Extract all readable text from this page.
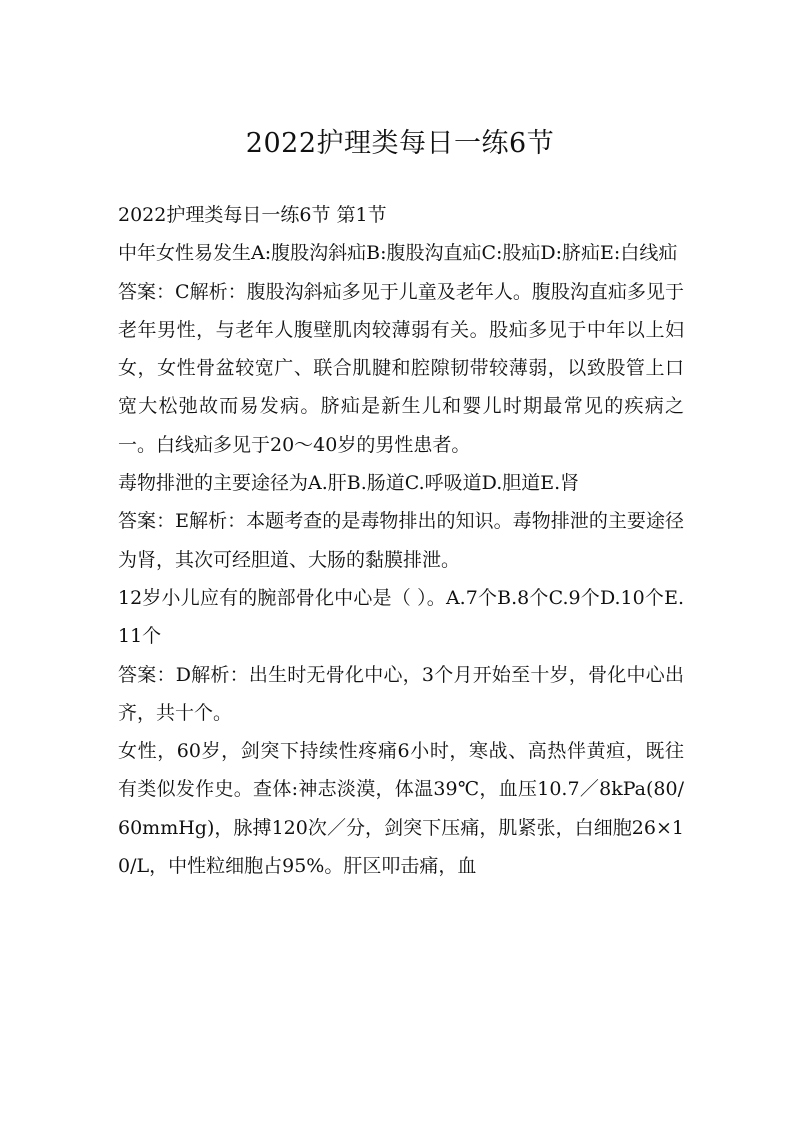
2022护理类每日一练6节

2022护理类每日一练6节 第1节

中年女性易发生A:腹股沟斜疝B:腹股沟直疝C:股疝D:脐疝E:白线疝

答案：C解析：腹股沟斜疝多见于儿童及老年人。腹股沟直疝多见于老年男性，与老年人腹壁肌肉较薄弱有关。股疝多见于中年以上妇女，女性骨盆较宽广、联合肌腱和腔隙韧带较薄弱，以致股管上口宽大松弛故而易发病。脐疝是新生儿和婴儿时期最常见的疾病之一。白线疝多见于20～40岁的男性患者。

毒物排泄的主要途径为A.肝B.肠道C.呼吸道D.胆道E.肾

答案：E解析：本题考查的是毒物排出的知识。毒物排泄的主要途径为肾，其次可经胆道、大肠的黏膜排泄。

12岁小儿应有的腕部骨化中心是（ ）。A.7个B.8个C.9个D.10个E.11个

答案：D解析：出生时无骨化中心，3个月开始至十岁，骨化中心出齐，共十个。

女性，60岁，剑突下持续性疼痛6小时，寒战、高热伴黄疸，既往有类似发作史。查体:神志淡漠，体温39℃，血压10.7／8kPa(80/60mmHg)，脉搏120次／分，剑突下压痛，肌紧张，白细胞26×10/L，中性粒细胞占95%。肝区叩击痛，血
